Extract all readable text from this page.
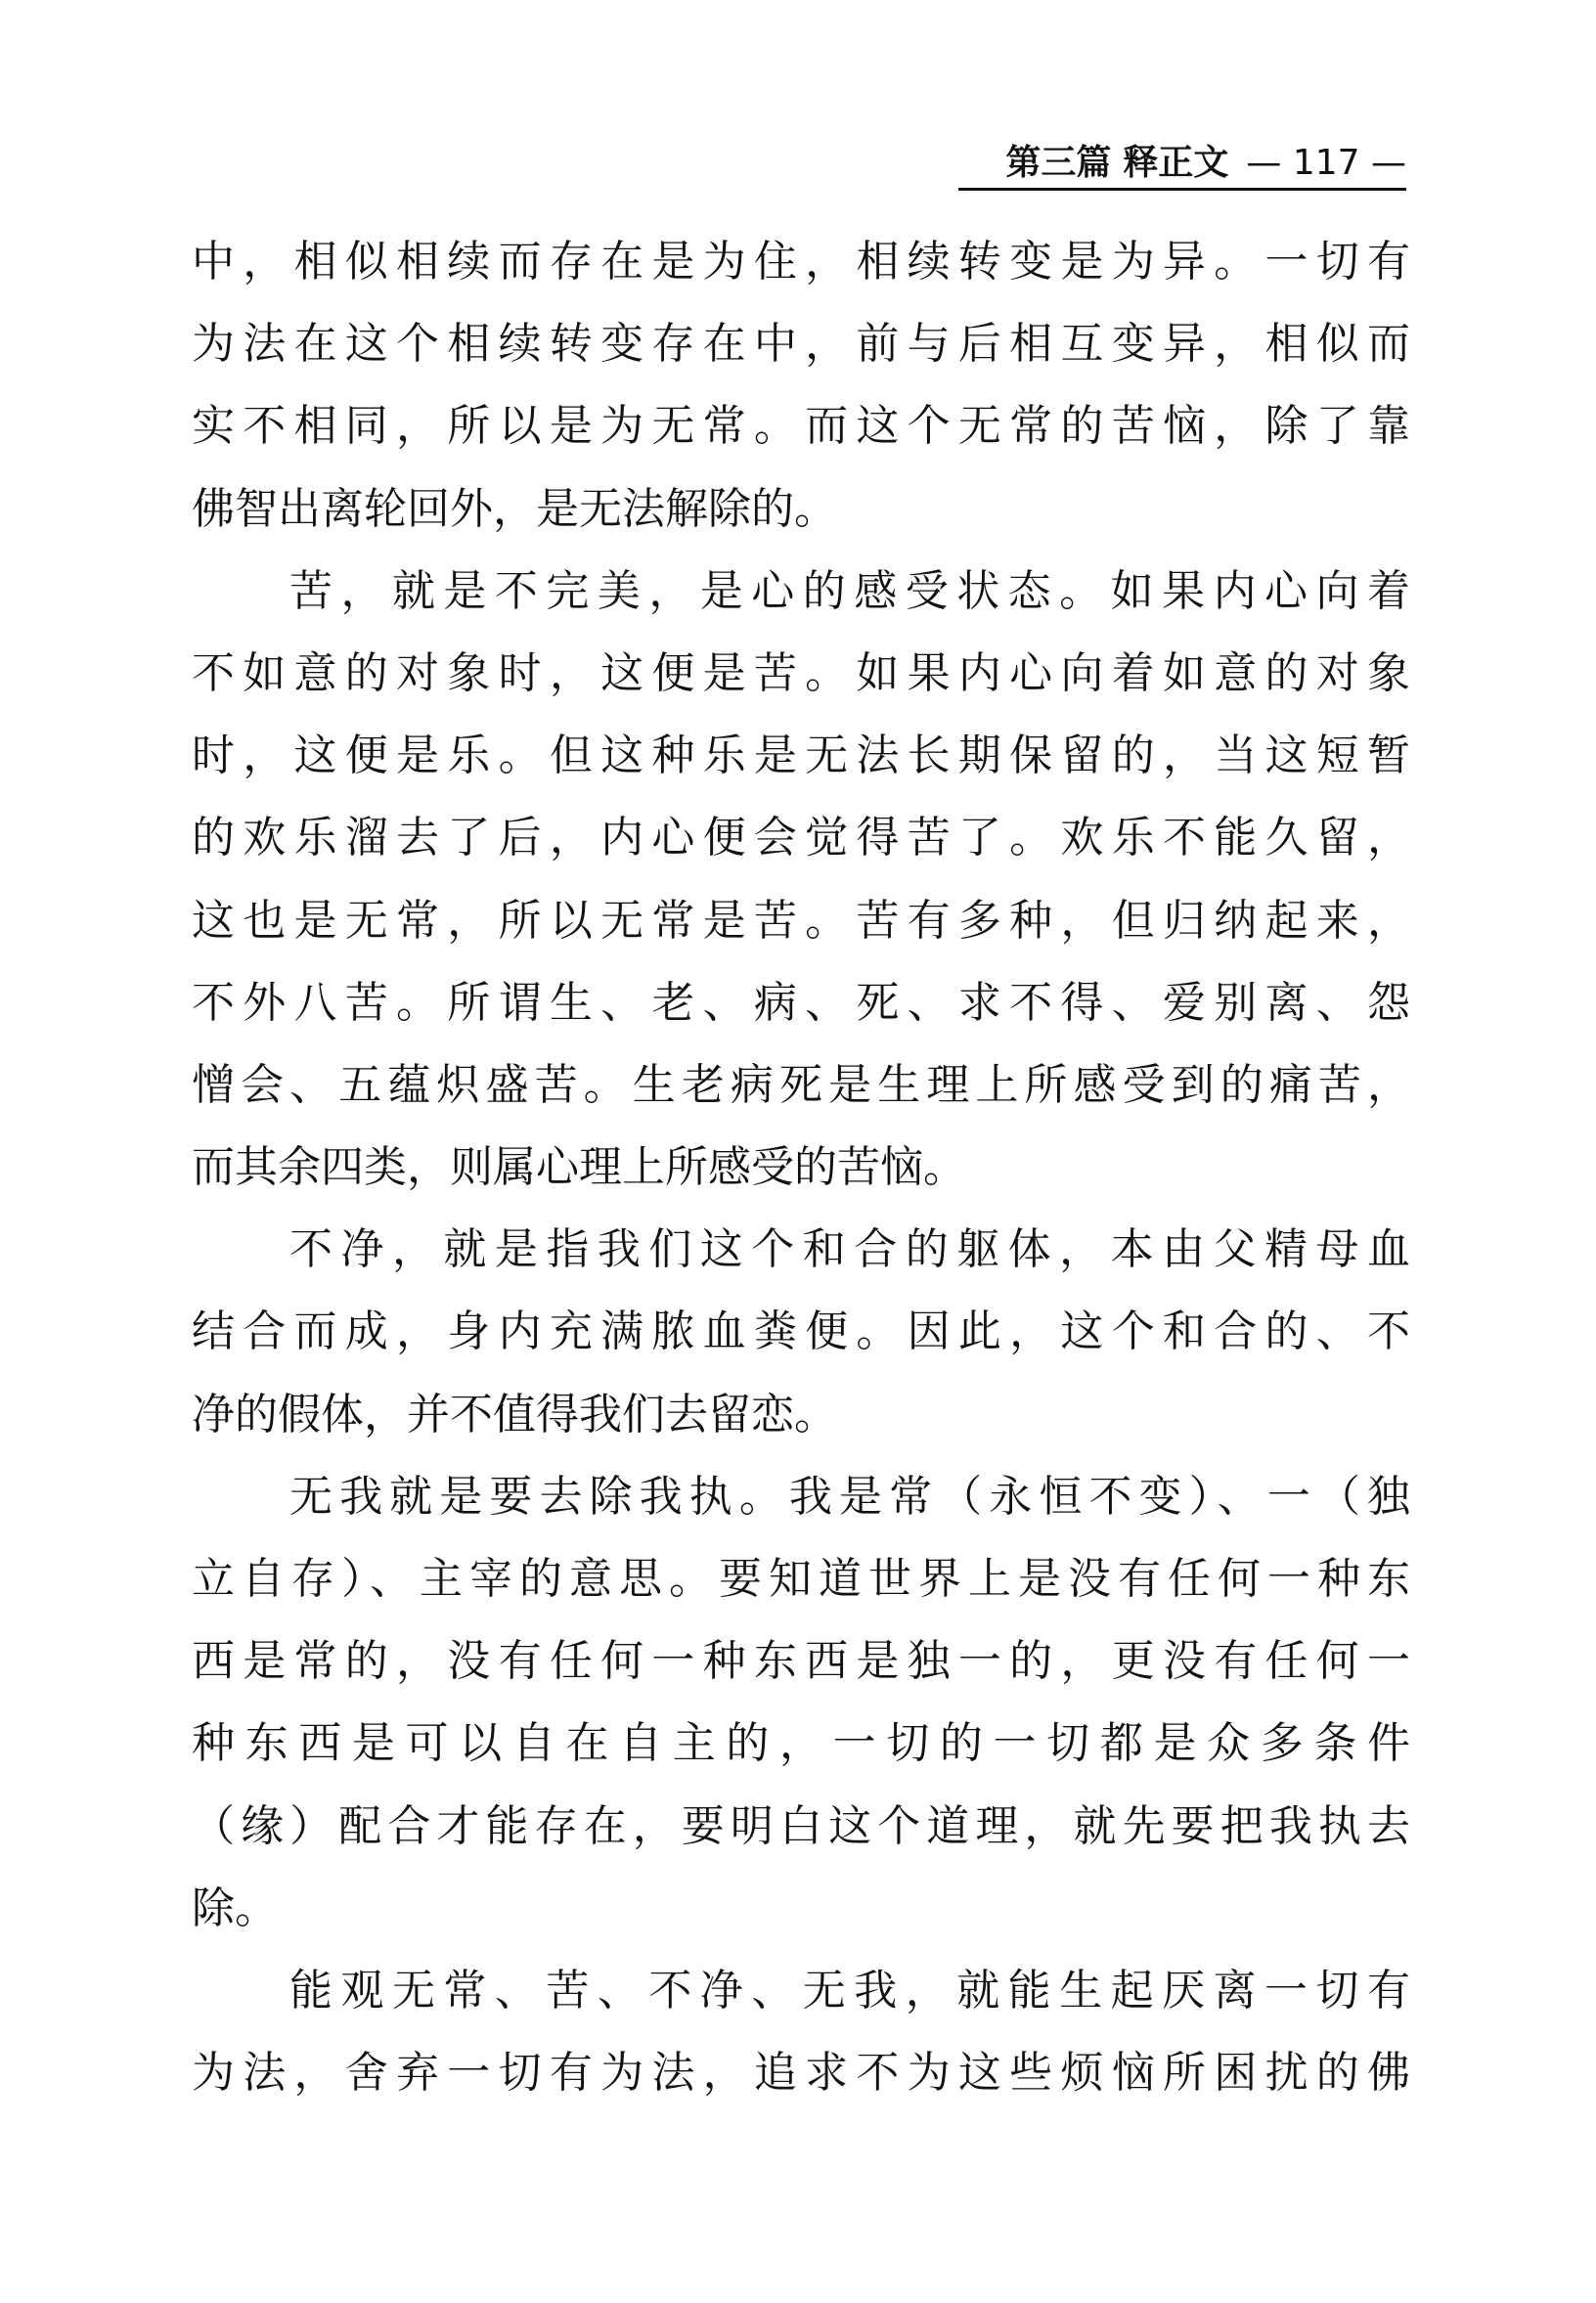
第三篇 释正文 — 117 —
中，相似相续而存在是为住，相续转变是为异。一切有
为法在这个相续转变存在中，前与后相互变异，相似而
实不相同，所以是为无常。而这个无常的苦恼，除了靠
佛智出离轮回外，是无法解除的。
苦，就是不完美，是心的感受状态。如果内心向着
不如意的对象时，这便是苦。如果内心向着如意的对象
时，这便是乐。但这种乐是无法长期保留的，当这短暂
的欢乐溜去了后，内心便会觉得苦了。欢乐不能久留，
这也是无常，所以无常是苦。苦有多种，但归纳起来，
不外八苦。所谓生、老、病、死、求不得、爱别离、怨
憎会、五蕴炽盛苦。生老病死是生理上所感受到的痛苦，
而其余四类，则属心理上所感受的苦恼。
不净，就是指我们这个和合的躯体，本由父精母血
结合而成，身内充满脓血粪便。因此，这个和合的、不
净的假体，并不值得我们去留恋。
无我就是要去除我执。我是常（永恒不变）、一（独
立自存）、主宰的意思。要知道世界上是没有任何一种东
西是常的，没有任何一种东西是独一的，更没有任何一
种东西是可以自在自主的，一切的一切都是众多条件
（缘）配合才能存在，要明白这个道理，就先要把我执去
除。
能观无常、苦、不净、无我，就能生起厌离一切有
为法，舍弃一切有为法，追求不为这些烦恼所困扰的佛
